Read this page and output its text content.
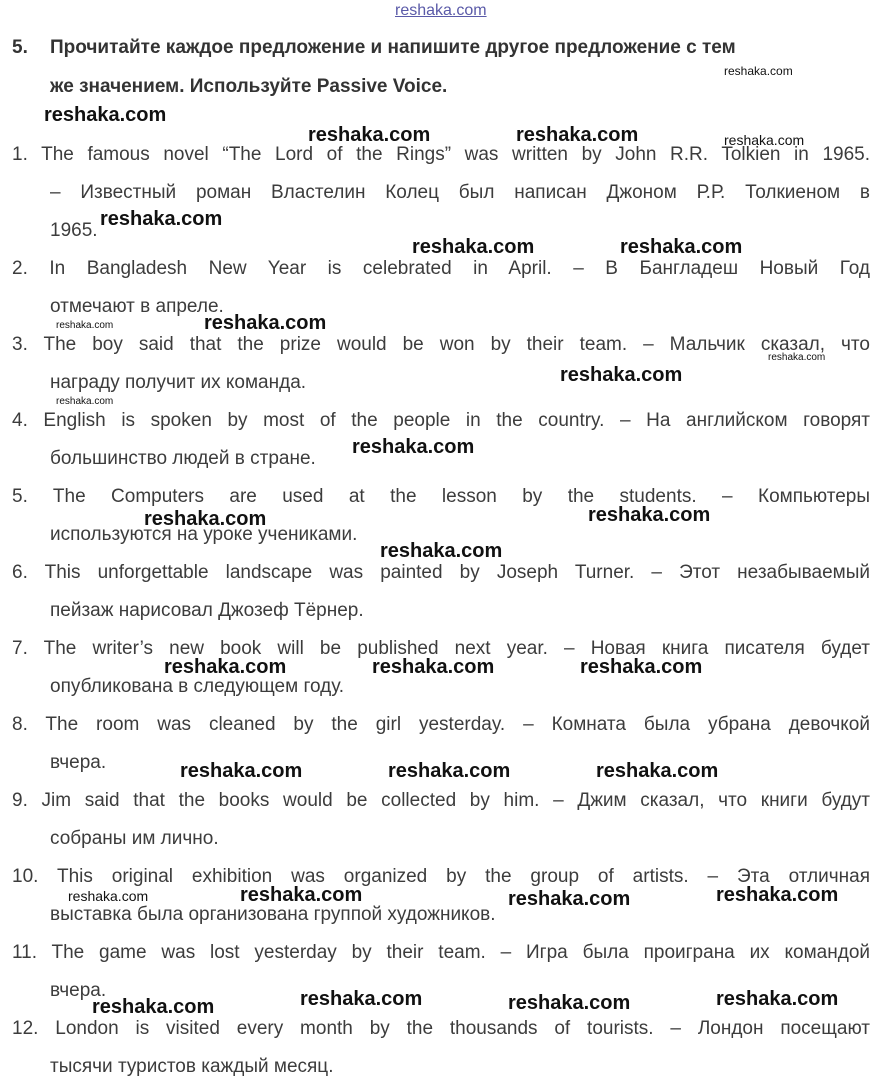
reshaka.com
5. Прочитайте каждое предложение и напишите другое предложение с тем
же значением. Используйте Passive Voice.
1. The famous novel “The Lord of the Rings” was written by John R.R. Tolkien in 1965.
– Известный роман Властелин Колец был написан Джоном Р.Р. Толкиеном в
1965.
2. In Bangladesh New Year is celebrated in April. – В Бангладеш Новый Год
отмечают в апреле.
3. The boy said that the prize would be won by their team. – Мальчик сказал, что
награду получит их команда.
4. English is spoken by most of the people in the country. – На английском говорят
большинство людей в стране.
5. The Computers are used at the lesson by the students. – Компьютеры
используются на уроке учениками.
6. This unforgettable landscape was painted by Joseph Turner. – Этот незабываемый
пейзаж нарисовал Джозеф Тёрнер.
7. The writer’s new book will be published next year. – Новая книга писателя будет
опубликована в следующем году.
8. The room was cleaned by the girl yesterday. – Комната была убрана девочкой
вчера.
9. Jim said that the books would be collected by him. – Джим сказал, что книги будут
собраны им лично.
10. This original exhibition was organized by the group of artists. – Эта отличная
выставка была организована группой художников.
11. The game was lost yesterday by their team. – Игра была проиграна их командой
вчера.
12. London is visited every month by the thousands of tourists. – Лондон посещают
тысячи туристов каждый месяц.
reshaka.com
reshaka.com
reshaka.com	reshaka.com	reshaka.com
reshaka.com
reshaka.com	reshaka.com
reshaka.com	reshaka.com
reshaka.com
reshaka.com
reshaka.com
reshaka.com
reshaka.com
reshaka.com
reshaka.com
reshaka.com	reshaka.com	reshaka.com
reshaka.com	reshaka.com	reshaka.com
reshaka.com	reshaka.com	reshaka.com	reshaka.com
reshaka.com	reshaka.com	reshaka.com	reshaka.com
